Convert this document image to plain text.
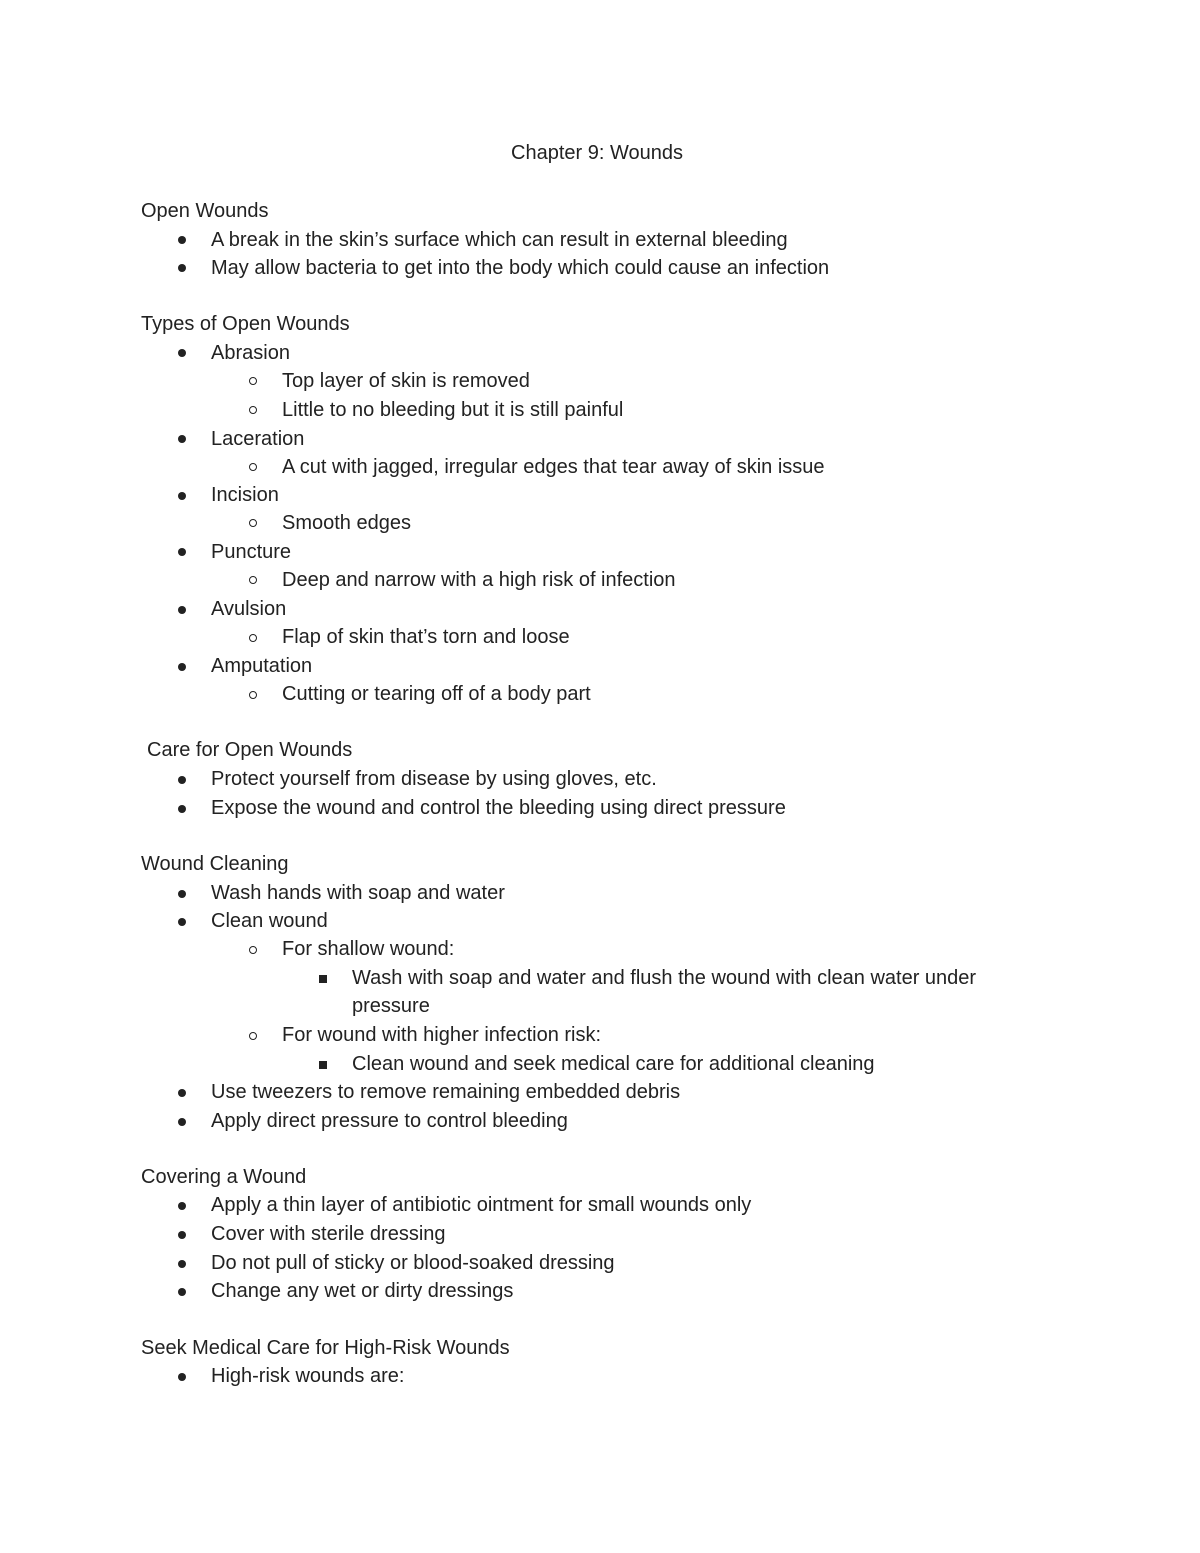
Chapter 9: Wounds
Open Wounds
A break in the skin’s surface which can result in external bleeding
May allow bacteria to get into the body which could cause an infection
Types of Open Wounds
Abrasion
Top layer of skin is removed
Little to no bleeding but it is still painful
Laceration
A cut with jagged, irregular edges that tear away of skin issue
Incision
Smooth edges
Puncture
Deep and narrow with a high risk of infection
Avulsion
Flap of skin that’s torn and loose
Amputation
Cutting or tearing off of a body part
Care for Open Wounds
Protect yourself from disease by using gloves, etc.
Expose the wound and control the bleeding using direct pressure
Wound Cleaning
Wash hands with soap and water
Clean wound
For shallow wound:
Wash with soap and water and flush the wound with clean water under
pressure
For wound with higher infection risk:
Clean wound and seek medical care for additional cleaning
Use tweezers to remove remaining embedded debris
Apply direct pressure to control bleeding
Covering a Wound
Apply a thin layer of antibiotic ointment for small wounds only
Cover with sterile dressing
Do not pull of sticky or blood-soaked dressing
Change any wet or dirty dressings
Seek Medical Care for High-Risk Wounds
High-risk wounds are:
